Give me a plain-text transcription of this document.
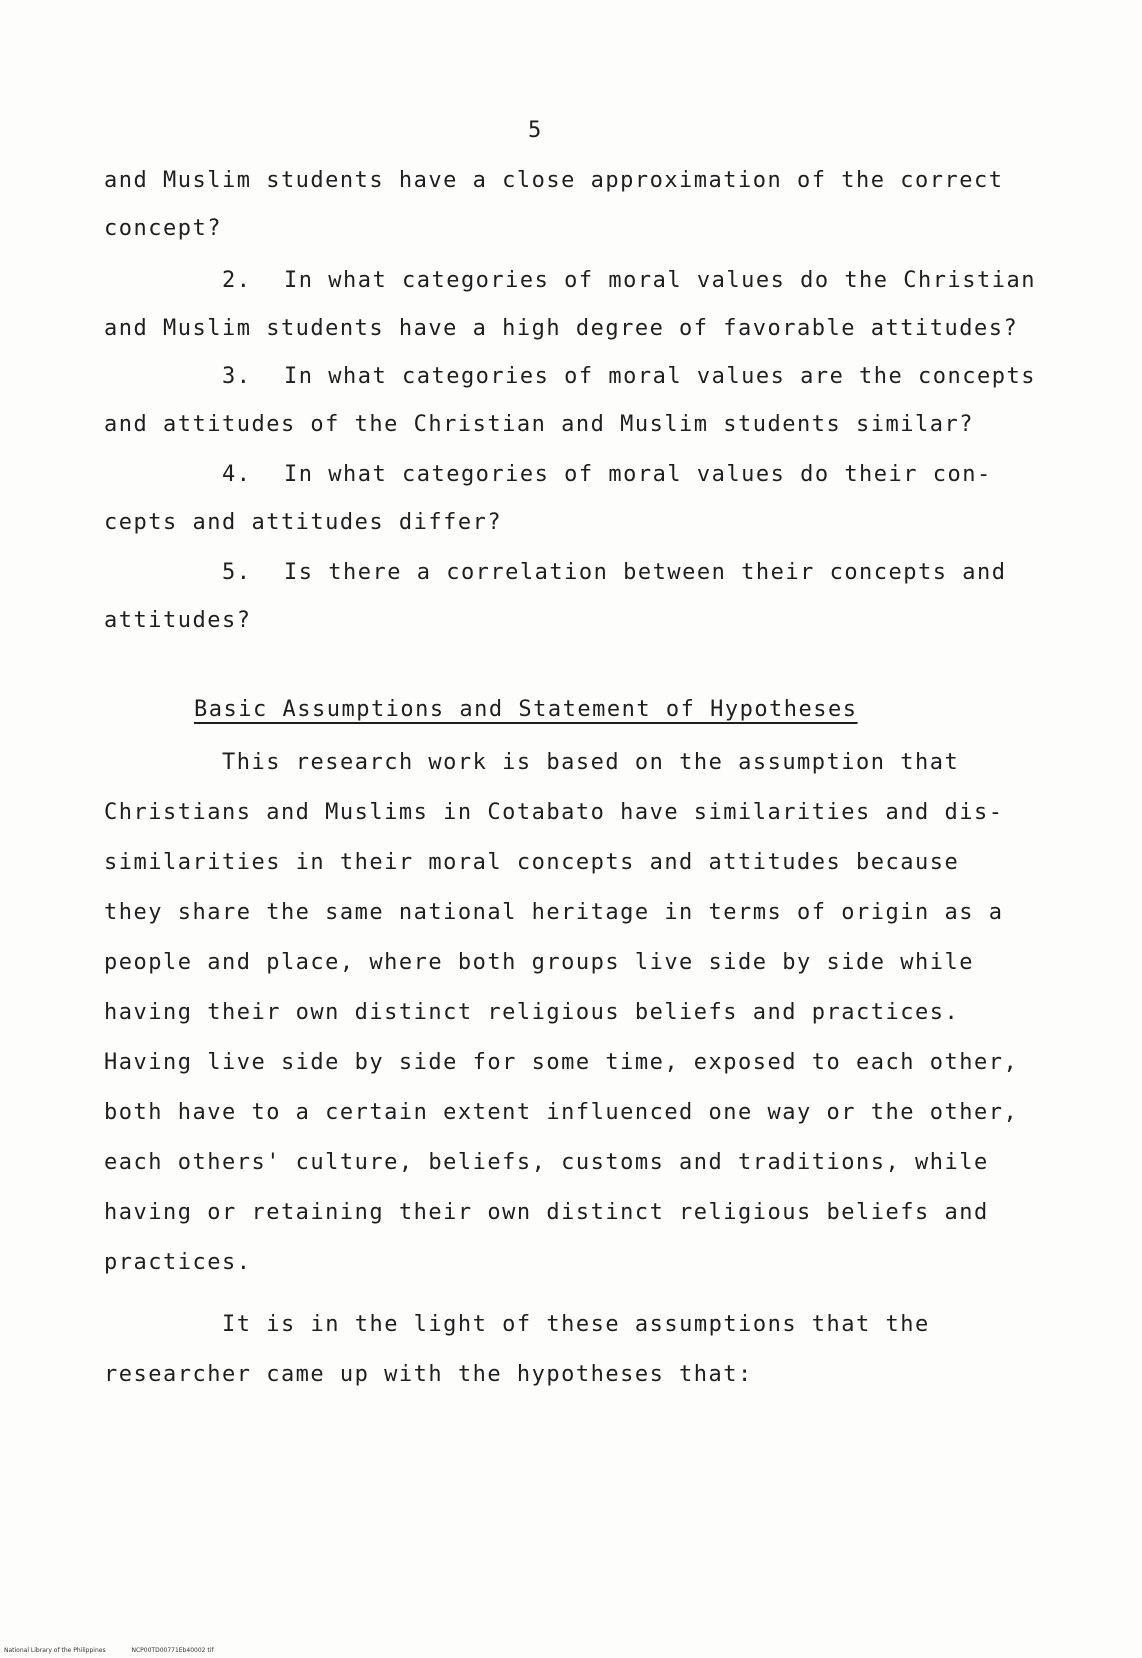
5
and Muslim students have a close approximation of the correct
concept?
2. In what categories of moral values do the Christian
and Muslim students have a high degree of favorable attitudes?
3. In what categories of moral values are the concepts
and attitudes of the Christian and Muslim students similar?
4. In what categories of moral values do their con-
cepts and attitudes differ?
5. Is there a correlation between their concepts and
attitudes?
Basic Assumptions and Statement of Hypotheses
This research work is based on the assumption that
Christians and Muslims in Cotabato have similarities and dis-
similarities in their moral concepts and attitudes because
they share the same national heritage in terms of origin as a
people and place, where both groups live side by side while
having their own distinct religious beliefs and practices.
Having live side by side for some time, exposed to each other,
both have to a certain extent influenced one way or the other,
each others' culture, beliefs, customs and traditions, while
having or retaining their own distinct religious beliefs and
practices.
It is in the light of these assumptions that the
researcher came up with the hypotheses that:
National Library of the Philippines	NCP00TD00771Eb40002 tif
